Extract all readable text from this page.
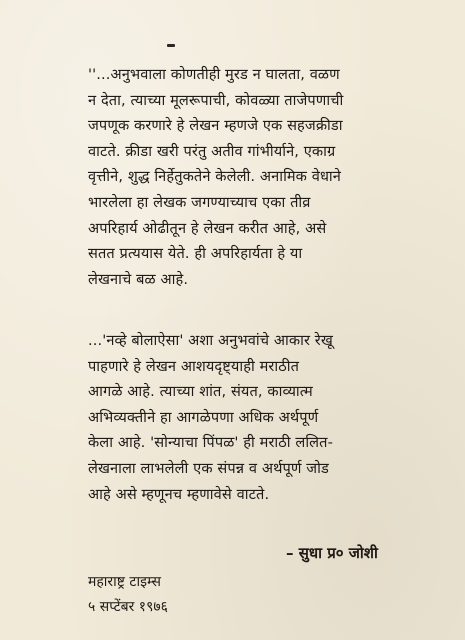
''...अनुभवाला कोणतीही मुरड न घालता, वळण
न देता, त्याच्या मूलरूपाची, कोवळ्या ताजेपणाची
जपणूक करणारे हे लेखन म्हणजे एक सहजक्रीडा
वाटते. क्रीडा खरी परंतु अतीव गांभीर्याने, एकाग्र
वृत्तीने, शुद्ध निर्हेतुकतेने केलेली. अनामिक वेधाने
भारलेला हा लेखक जगण्याच्याच एका तीव्र
अपरिहार्य ओढीतून हे लेखन करीत आहे, असे
सतत प्रत्ययास येते. ही अपरिहार्यता हे या
लेखनाचे बळ आहे.

...'नव्हे बोलाऐसा' अशा अनुभवांचे आकार रेखू
पाहणारे हे लेखन आशयदृष्ट्याही मराठीत
आगळे आहे. त्याच्या शांत, संयत, काव्यात्म
अभिव्यक्तीने हा आगळेपणा अधिक अर्थपूर्ण
केला आहे. 'सोन्याचा पिंपळ' ही मराठी ललित-
लेखनाला लाभलेली एक संपन्न व अर्थपूर्ण जोड
आहे असे म्हणूनच म्हणावेसे वाटते.

– सुधा प्र० जोशी

महाराष्ट्र टाइम्स
५ सप्टेंबर १९७६
